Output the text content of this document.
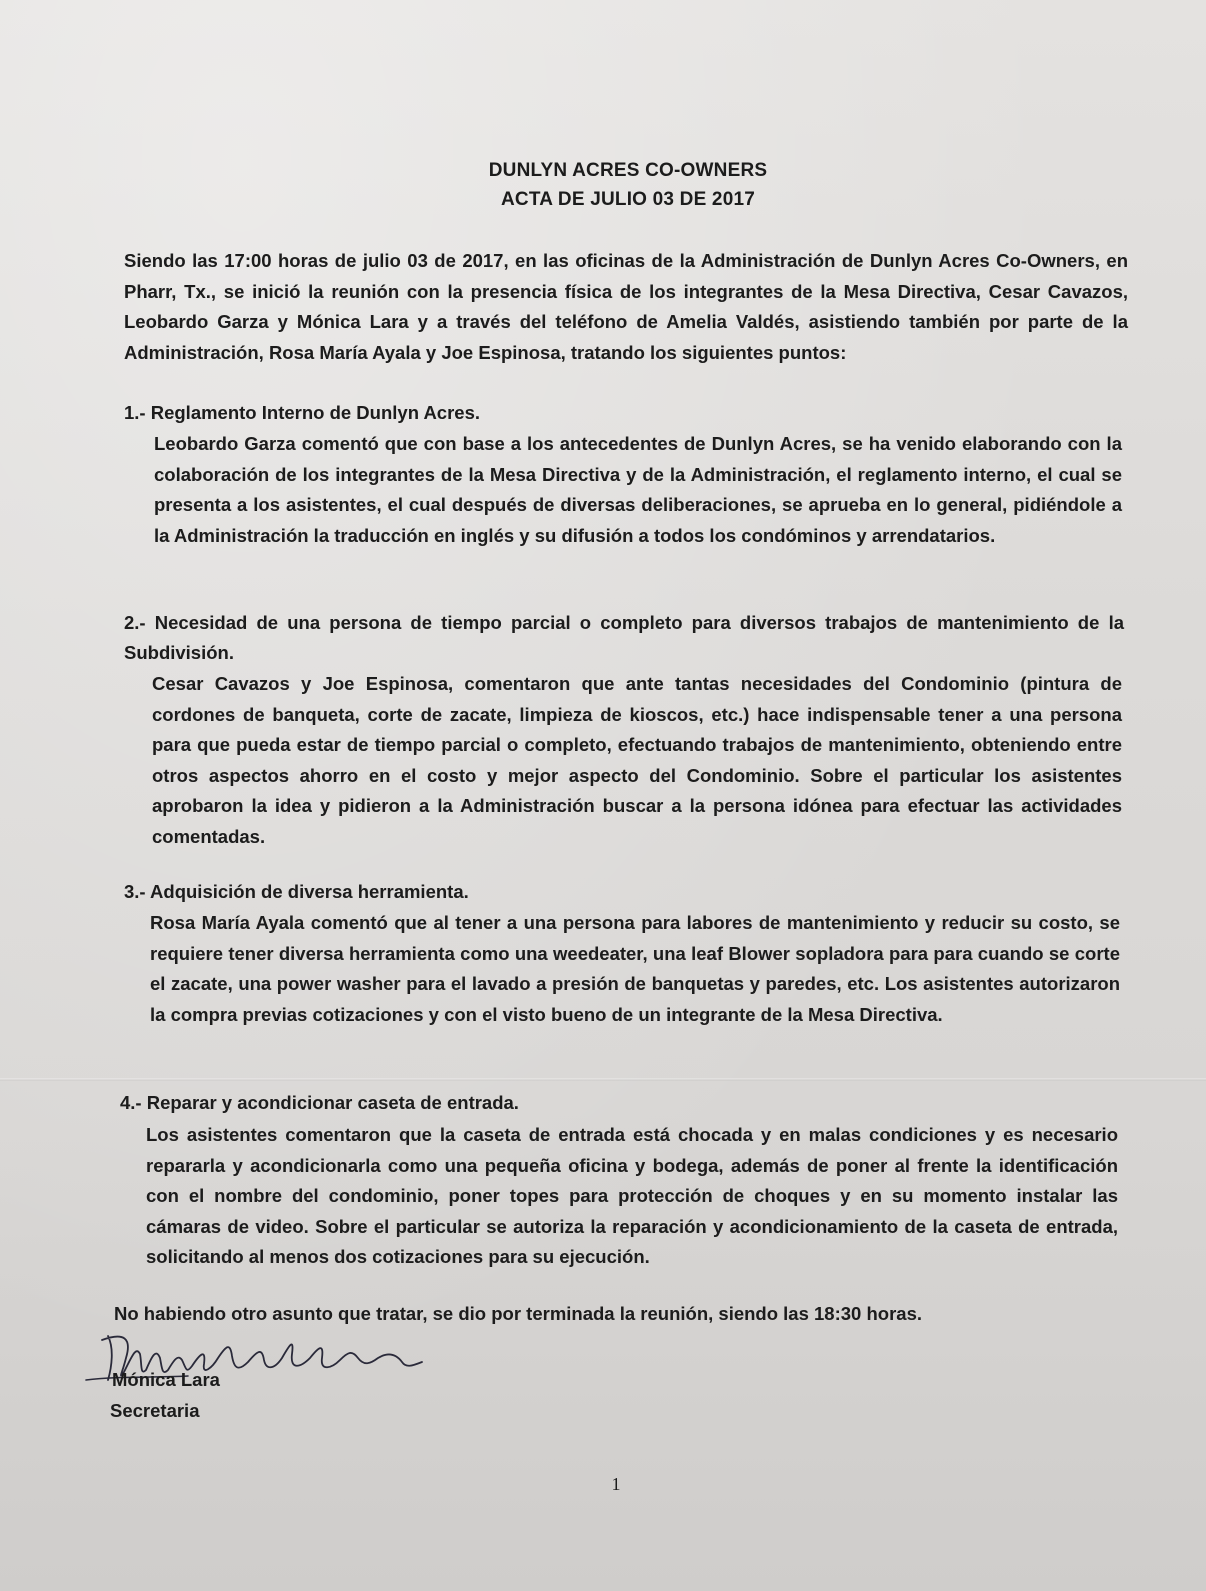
DUNLYN ACRES CO-OWNERS
ACTA DE JULIO 03 DE 2017
Siendo las 17:00 horas de julio 03 de 2017, en las oficinas de la Administración de Dunlyn Acres Co-Owners, en Pharr, Tx., se inició la reunión con la presencia física de los integrantes de la Mesa Directiva, Cesar Cavazos, Leobardo Garza y Mónica Lara y a través del teléfono de Amelia Valdés, asistiendo también por parte de la Administración, Rosa María Ayala y Joe Espinosa, tratando los siguientes puntos:
1.- Reglamento Interno de Dunlyn Acres.
Leobardo Garza comentó que con base a los antecedentes de Dunlyn Acres, se ha venido elaborando con la colaboración de los integrantes de la Mesa Directiva y de la Administración, el reglamento interno, el cual se presenta a los asistentes, el cual después de diversas deliberaciones, se aprueba en lo general, pidiéndole a la Administración la traducción en inglés y su difusión a todos los condóminos y arrendatarios.
2.- Necesidad de una persona de tiempo parcial o completo para diversos trabajos de mantenimiento de la Subdivisión.
Cesar Cavazos y Joe Espinosa, comentaron que ante tantas necesidades del Condominio (pintura de cordones de banqueta, corte de zacate, limpieza de kioscos, etc.) hace indispensable tener a una persona para que pueda estar de tiempo parcial o completo, efectuando trabajos de mantenimiento, obteniendo entre otros aspectos ahorro en el costo y mejor aspecto del Condominio. Sobre el particular los asistentes aprobaron la idea y pidieron a la Administración buscar a la persona idónea para efectuar las actividades comentadas.
3.- Adquisición de diversa herramienta.
Rosa María Ayala comentó que al tener a una persona para labores de mantenimiento y reducir su costo, se requiere tener diversa herramienta como una weedeater, una leaf Blower sopladora para para cuando se corte el zacate, una power washer para el lavado a presión de banquetas y paredes, etc. Los asistentes autorizaron la compra previas cotizaciones y con el visto bueno de un integrante de la Mesa Directiva.
4.- Reparar y acondicionar caseta de entrada.
Los asistentes comentaron que la caseta de entrada está chocada y en malas condiciones y es necesario repararla y acondicionarla como una pequeña oficina y bodega, además de poner al frente la identificación con el nombre del condominio, poner topes para protección de choques y en su momento instalar las cámaras de video. Sobre el particular se autoriza la reparación y acondicionamiento de la caseta de entrada, solicitando al menos dos cotizaciones para su ejecución.
No habiendo otro asunto que tratar, se dio por terminada la reunión, siendo las 18:30 horas.
Mónica Lara
Secretaria
1
